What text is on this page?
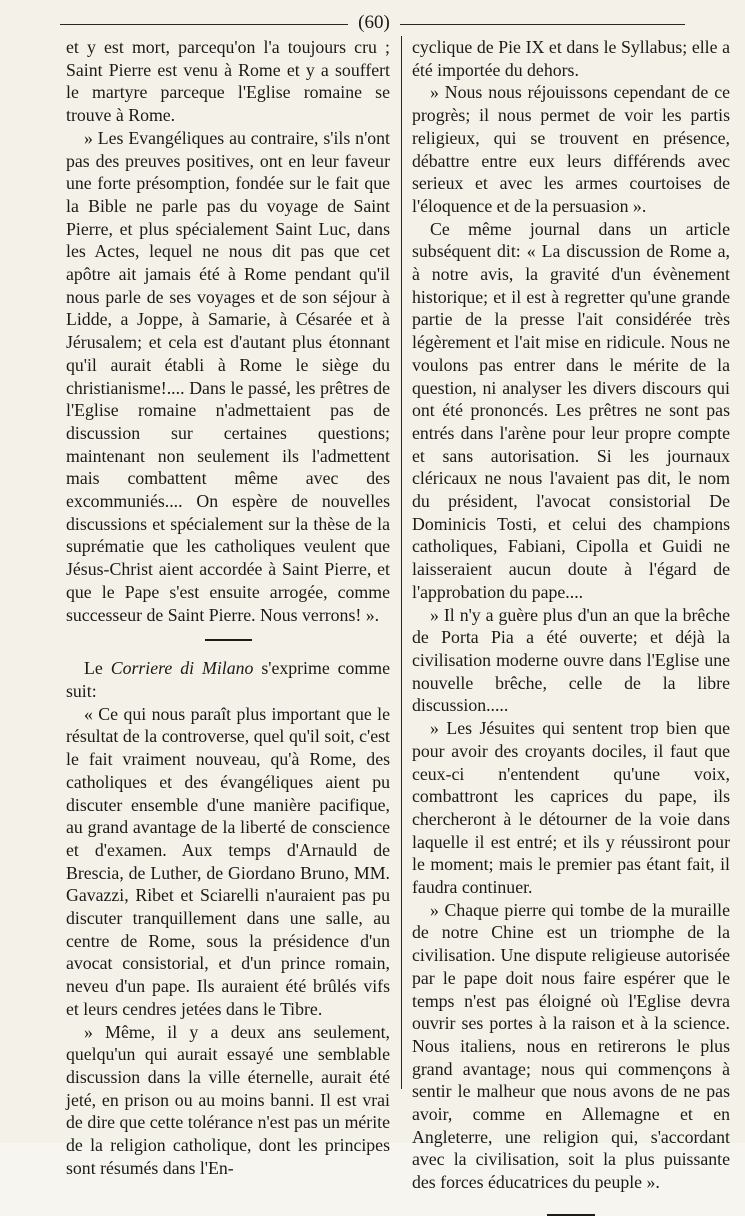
(60)

et y est mort, parcequ'on l'a toujours cru ; Saint Pierre est venu à Rome et y a souffert le martyre parceque l'Eglise romaine se trouve à Rome.

» Les Evangéliques au contraire, s'ils n'ont pas des preuves positives, ont en leur faveur une forte présomption, fondée sur le fait que la Bible ne parle pas du voyage de Saint Pierre, et plus spécialement Saint Luc, dans les Actes, lequel ne nous dit pas que cet apôtre ait jamais été à Rome pendant qu'il nous parle de ses voyages et de son séjour à Lidde, a Joppe, à Samarie, à Césarée et à Jérusalem; et cela est d'autant plus étonnant qu'il aurait établi à Rome le siège du christianisme!.... Dans le passé, les prêtres de l'Eglise romaine n'admettaient pas de discussion sur certaines questions; maintenant non seulement ils l'admettent mais combattent même avec des excommuniés.... On espère de nouvelles discussions et spécialement sur la thèse de la suprématie que les catholiques veulent que Jésus-Christ aient accordée à Saint Pierre, et que le Pape s'est ensuite arrogée, comme successeur de Saint Pierre. Nous verrons! ».

Le Corriere di Milano s'exprime comme suit:

« Ce qui nous paraît plus important que le résultat de la controverse, quel qu'il soit, c'est le fait vraiment nouveau, qu'à Rome, des catholiques et des évangéliques aient pu discuter ensemble d'une manière pacifique, au grand avantage de la liberté de conscience et d'examen. Aux temps d'Arnauld de Brescia, de Luther, de Giordano Bruno, MM. Gavazzi, Ribet et Sciarelli n'auraient pas pu discuter tranquillement dans une salle, au centre de Rome, sous la présidence d'un avocat consistorial, et d'un prince romain, neveu d'un pape. Ils auraient été brûlés vifs et leurs cendres jetées dans le Tibre.

» Même, il y a deux ans seulement, quelqu'un qui aurait essayé une semblable discussion dans la ville éternelle, aurait été jeté, en prison ou au moins banni. Il est vrai de dire que cette tolérance n'est pas un mérite de la religion catholique, dont les principes sont résumés dans l'En-

cyclique de Pie IX et dans le Syllabus; elle a été importée du dehors.

» Nous nous réjouissons cependant de ce progrès; il nous permet de voir les partis religieux, qui se trouvent en présence, débattre entre eux leurs différends avec serieux et avec les armes courtoises de l'éloquence et de la persuasion ».

Ce même journal dans un article subséquent dit: « La discussion de Rome a, à notre avis, la gravité d'un évènement historique; et il est à regretter qu'une grande partie de la presse l'ait considérée très légèrement et l'ait mise en ridicule. Nous ne voulons pas entrer dans le mérite de la question, ni analyser les divers discours qui ont été prononcés. Les prêtres ne sont pas entrés dans l'arène pour leur propre compte et sans autorisation. Si les journaux cléricaux ne nous l'avaient pas dit, le nom du président, l'avocat consistorial De Dominicis Tosti, et celui des champions catholiques, Fabiani, Cipolla et Guidi ne laisseraient aucun doute à l'égard de l'approbation du pape....

» Il n'y a guère plus d'un an que la brêche de Porta Pia a été ouverte; et déjà la civilisation moderne ouvre dans l'Eglise une nouvelle brêche, celle de la libre discussion.....

» Les Jésuites qui sentent trop bien que pour avoir des croyants dociles, il faut que ceux-ci n'entendent qu'une voix, combattront les caprices du pape, ils chercheront à le détourner de la voie dans laquelle il est entré; et ils y réussiront pour le moment; mais le premier pas étant fait, il faudra continuer.

» Chaque pierre qui tombe de la muraille de notre Chine est un triomphe de la civilisation. Une dispute religieuse autorisée par le pape doit nous faire espérer que le temps n'est pas éloigné où l'Eglise devra ouvrir ses portes à la raison et à la science. Nous italiens, nous en retirerons le plus grand avantage; nous qui commençons à sentir le malheur que nous avons de ne pas avoir, comme en Allemagne et en Angleterre, une religion qui, s'accordant avec la civilisation, soit la plus puissante des forces éducatrices du peuple ».
